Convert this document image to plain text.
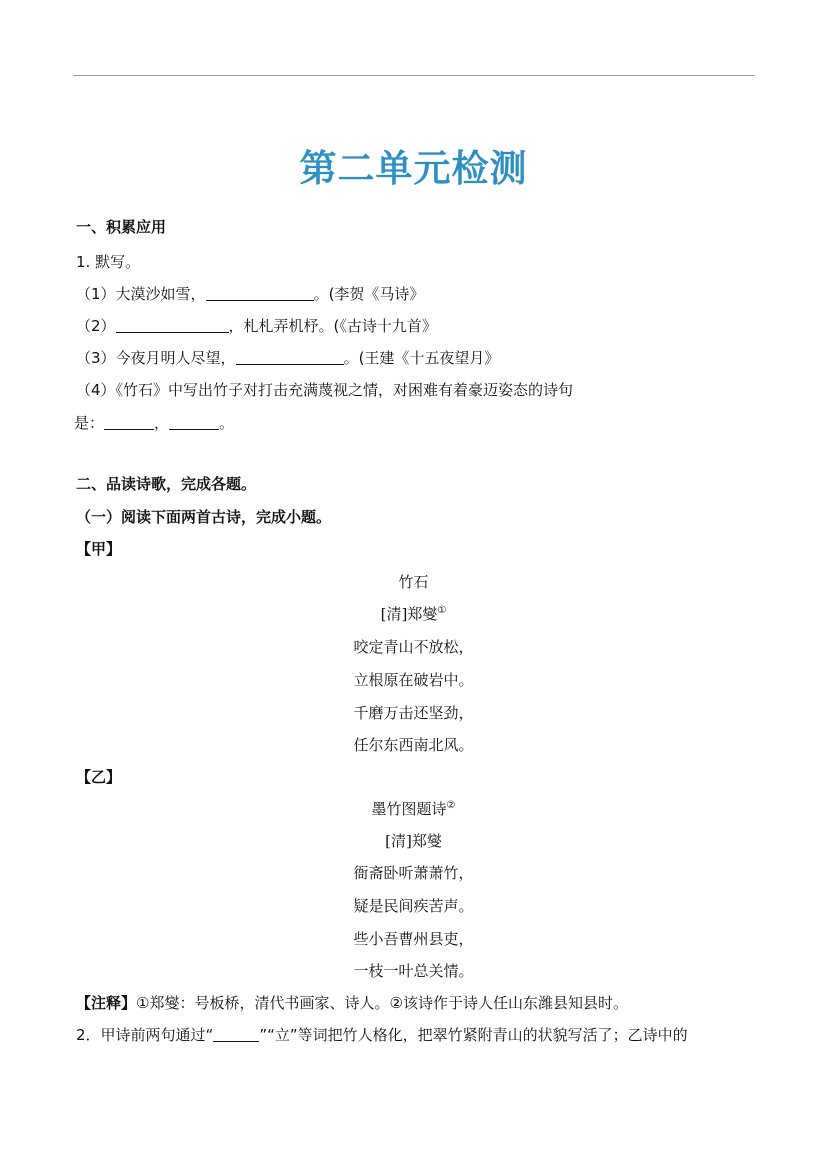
第二单元检测
一、积累应用
1. 默写。
（1）大漠沙如雪，	。(李贺《马诗》
（2）	，札札弄机杼。(《古诗十九首》
（3）今夜月明人尽望，	。(王建《十五夜望月》
（4）《竹石》中写出竹子对打击充满蔑视之情，对困难有着豪迈姿态的诗句
是：	，	。
二、品读诗歌，完成各题。
（一）阅读下面两首古诗，完成小题。
【甲】
竹石
[清]郑燮①
咬定青山不放松，
立根原在破岩中。
千磨万击还坚劲，
任尔东西南北风。
【乙】
墨竹图题诗②
[清]郑燮
衙斋卧听萧萧竹，
疑是民间疾苦声。
些小吾曹州县吏，
一枝一叶总关情。
【注释】①郑燮：号板桥，清代书画家、诗人。②该诗作于诗人任山东潍县知县时。
2．甲诗前两句通过“	”“立”等词把竹人格化，把翠竹紧附青山的状貌写活了；乙诗中的
